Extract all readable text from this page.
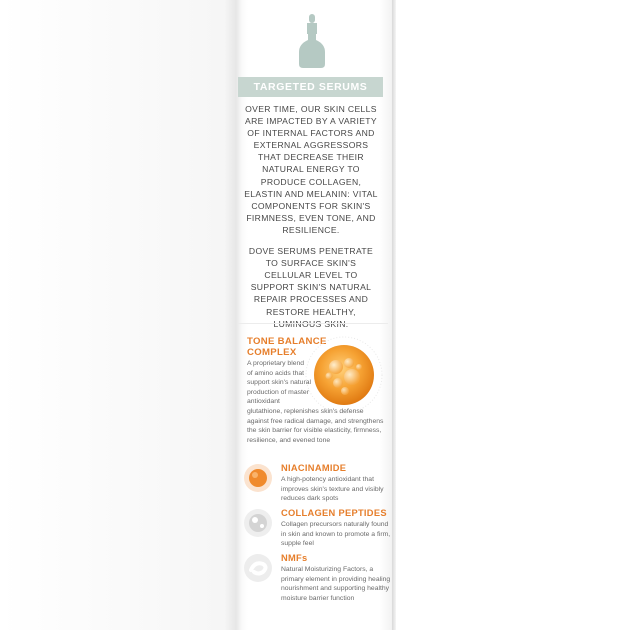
TARGETED SERUMS

OVER TIME, OUR SKIN CELLS ARE IMPACTED BY A VARIETY OF INTERNAL FACTORS AND EXTERNAL AGGRESSORS THAT DECREASE THEIR NATURAL ENERGY TO PRODUCE COLLAGEN, ELASTIN AND MELANIN: VITAL COMPONENTS FOR SKIN'S FIRMNESS, EVEN TONE, AND RESILIENCE.

DOVE SERUMS PENETRATE TO SURFACE SKIN'S CELLULAR LEVEL TO SUPPORT SKIN'S NATURAL REPAIR PROCESSES AND RESTORE HEALTHY,

TONE BALANCE COMPLEX
A proprietary blend of amino acids that support skin's natural production of master antioxidant
glutathione, replenishes skin's defense against free radical damage, and strengthens the skin barrier for visible elasticity, firmness, resilience, and evened tone
NIACINAMIDE
A high-potency antioxidant that improves skin's texture and visibly reduces dark spots
COLLAGEN PEPTIDES
Collagen precursors naturally found in skin and known to promote a firm, supple feel
NMFs
Natural Moisturizing Factors, a primary element in providing healing nourishment and supporting healthy moisture barrier function
